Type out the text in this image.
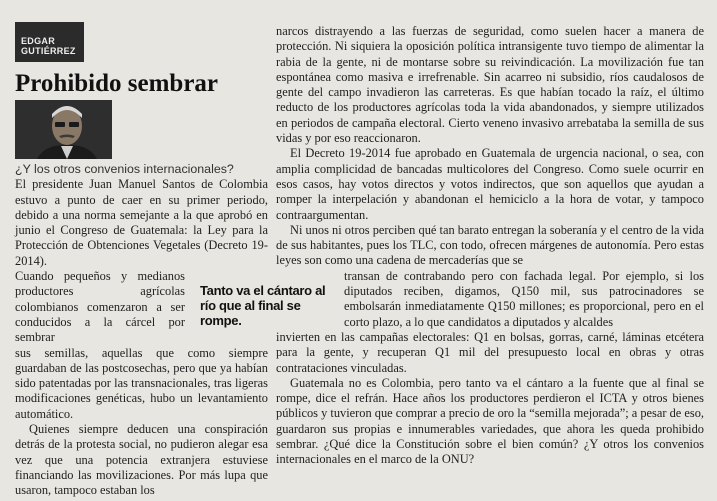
EDGAR
GUTIÉRREZ
Prohibido sembrar
¿Y los otros convenios internacionales?

El presidente Juan Manuel Santos de Colombia estuvo a punto de caer en su primer periodo, debido a una norma semejante a la que aprobó en junio el Congreso de Guatemala: la Ley para la Protección de Obtenciones Vegetales (Decreto 19-2014).

Cuando pequeños y medianos productores agrícolas colombianos comenzaron a ser conducidos a la cárcel por sembrar

sus semillas, aquellas que como siempre guardaban de las postcosechas, pero que ya habían sido patentadas por las transnacionales, tras ligeras modificaciones genéticas, hubo un levantamiento automático.

Quienes siempre deducen una conspiración detrás de la protesta social, no pudieron alegar esa vez que una potencia extranjera estuviese financiando las movilizaciones. Por más lupa que usaron, tampoco estaban los

Tanto va el cántaro al río que al final se rompe.

narcos distrayendo a las fuerzas de seguridad, como suelen hacer a manera de protección. Ni siquiera la oposición política intransigente tuvo tiempo de alimentar la rabia de la gente, ni de montarse sobre su reivindicación. La movilización fue tan espontánea como masiva e irrefrenable. Sin acarreo ni subsidio, ríos caudalosos de gente del campo invadieron las carreteras. Es que habían tocado la raíz, el último reducto de los productores agrícolas toda la vida abandonados, y siempre utilizados en periodos de campaña electoral. Cierto veneno invasivo arrebataba la semilla de sus vidas y por eso reaccionaron.

El Decreto 19-2014 fue aprobado en Guatemala de urgencia nacional, o sea, con amplia complicidad de bancadas multicolores del Congreso. Como suele ocurrir en esos casos, hay votos directos y votos indirectos, que son aquellos que ayudan a romper la interpelación y abandonan el hemiciclo a la hora de votar, y tampoco contraargumentan.

Ni unos ni otros perciben qué tan barato entregan la soberanía y el centro de la vida de sus habitantes, pues los TLC, con todo, ofrecen márgenes de autonomía. Pero estas leyes son como una cadena de mercaderías que se

transan de contrabando pero con fachada legal. Por ejemplo, si los diputados reciben, digamos, Q150 mil, sus patrocinadores se embolsarán inmediatamente Q150 millones; es proporcional, pero en el corto plazo, a lo que candidatos a diputados y alcaldes

invierten en las campañas electorales: Q1 en bolsas, gorras, carné, láminas etcétera para la gente, y recuperan Q1 mil del presupuesto local en obras y otras contrataciones vinculadas.

Guatemala no es Colombia, pero tanto va el cántaro a la fuente que al final se rompe, dice el refrán. Hace años los productores perdieron el ICTA y otros bienes públicos y tuvieron que comprar a precio de oro la “semilla mejorada”; a pesar de eso, guardaron sus propias e innumerables variedades, que ahora les queda prohibido sembrar. ¿Qué dice la Constitución sobre el bien común? ¿Y otros los convenios internacionales en el marco de la ONU?
